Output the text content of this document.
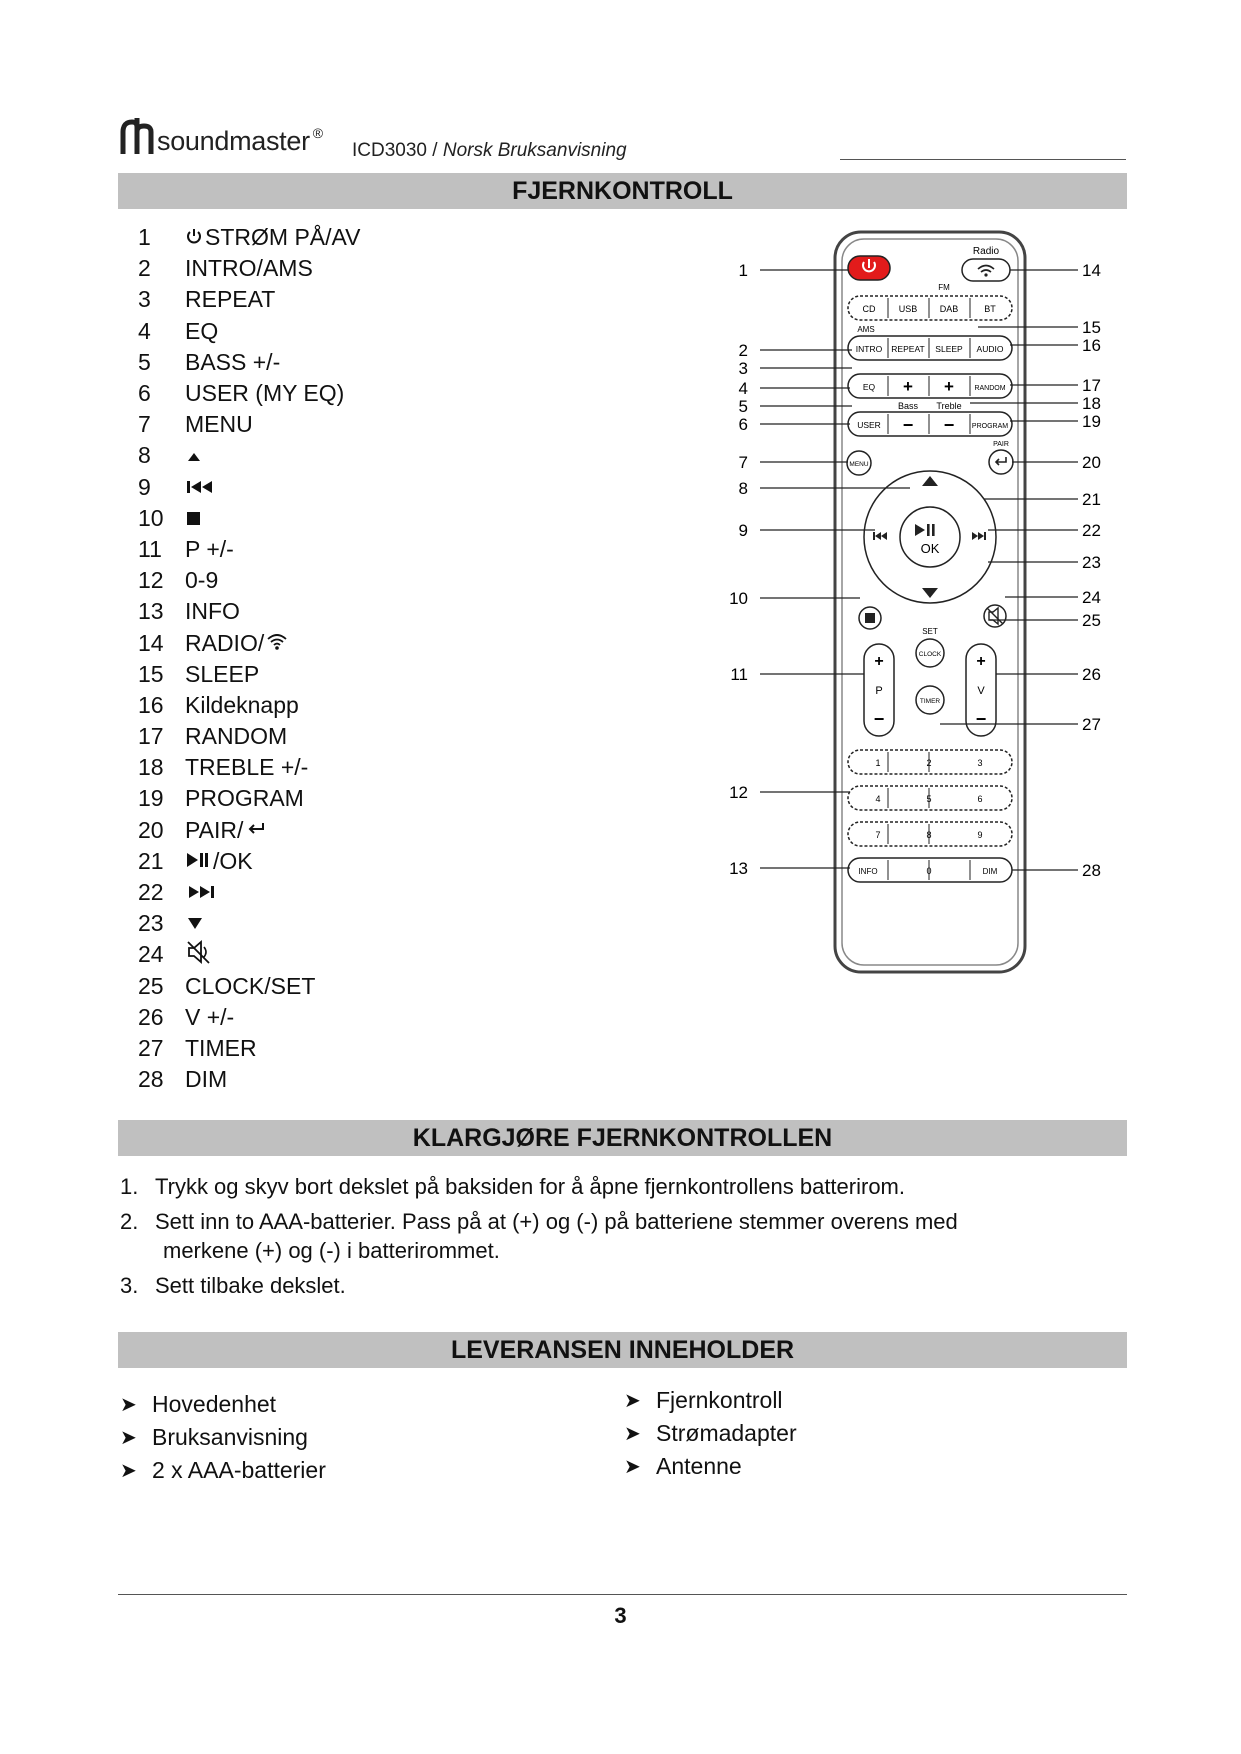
soundmaster ®
ICD3030 / Norsk Bruksanvisning
FJERNKONTROLL
1	STRØM PÅ/AV
2	INTRO/AMS
3	REPEAT
4	EQ
5	BASS +/-
6	USER (MY EQ)
7	MENU
8
9
10
11	P +/-
12 0-9
13 INFO
14 RADIO/
15 SLEEP
16 Kildeknapp
17 RANDOM
18 TREBLE +/-
19 PROGRAM
20 PAIR/
21	/OK
22
23
24
25 CLOCK/SET
26 V +/-
27 TIMER
28 DIM
Radio
FM
CD	USB DAB	BT
AMS
INTRO REPEAT SLEEP AUDIO
EQ + +	RANDOM
Bass Treble
USER − −	PROGRAM
MENU
PAIR
OK
+
P
−
+
V
−
SET
CLOCK
TIMER
1	2	3
4	5	6
7	8	9
0
INFO	DIM
1
2
3
4
5
6
7
8
9
10
11
12
13
14
15
16
17
18
19
20
21
22
23
24
25
26
27
28
KLARGJØRE FJERNKONTROLLEN
1. Trykk og skyv bort dekslet på baksiden for å åpne fjernkontrollens batterirom.
2. Sett inn to AAA-batterier. Pass på at (+) og (-) på batteriene stemmer overens med
merkene (+) og (-) i batterirommet.
3. Sett tilbake dekslet.
LEVERANSEN INNEHOLDER
➤ Hovedenhet
➤ Bruksanvisning
➤ 2 x AAA-batterier
➤ Fjernkontroll
➤ Strømadapter
➤ Antenne
3
